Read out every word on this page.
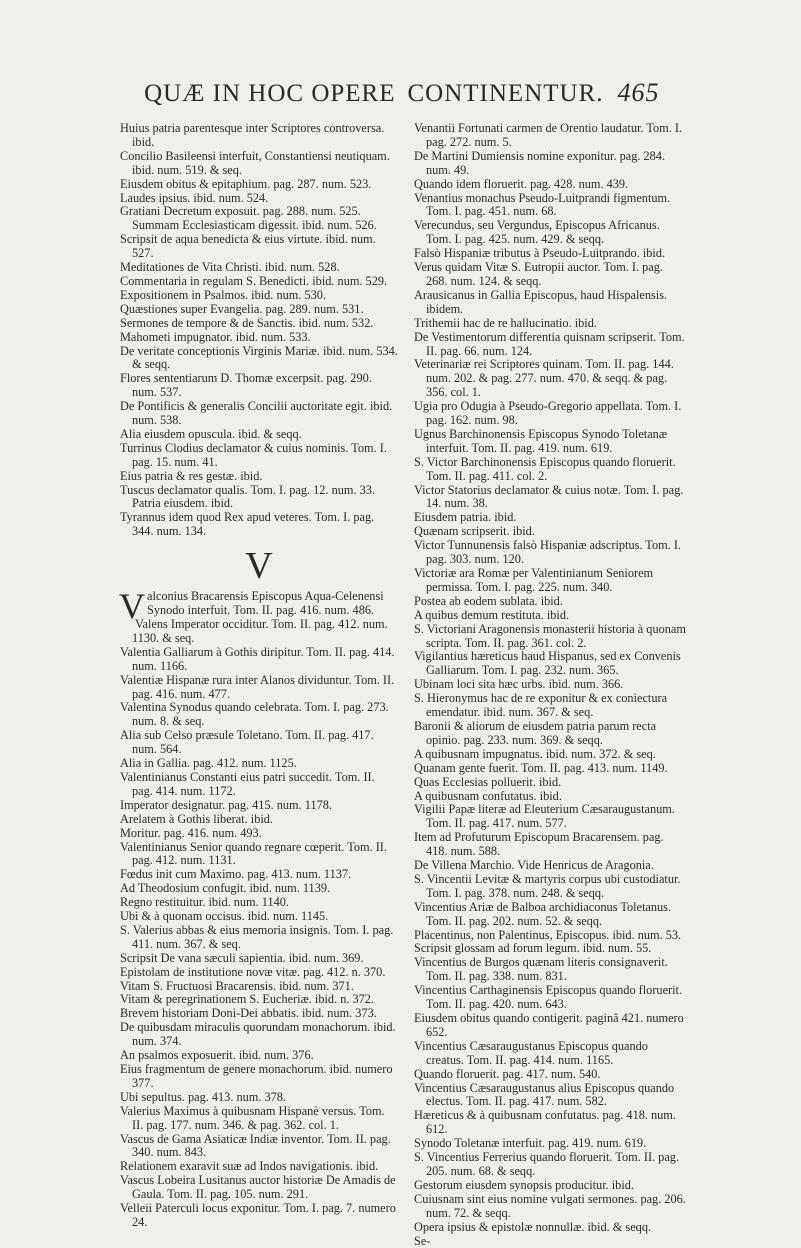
QUÆ IN HOC OPERE CONTINENTUR. 465

Huius patria parentesque inter Scriptores controversa. ibid.

Concilio Basileensi interfuit, Constantiensi neutiquam. ibid. num. 519. & seq.

Eiusdem obitus & epitaphium. pag. 287. num. 523.

Laudes ipsius. ibid. num. 524.

Gratiani Decretum exposuit. pag. 288. num. 525. Summam Ecclesiasticam digessit. ibid. num. 526.

Scripsit de aqua benedicta & eius virtute. ibid. num. 527.

Meditationes de Vita Christi. ibid. num. 528.

Commentaria in regulam S. Benedicti. ibid. num. 529.

Expositionem in Psalmos. ibid. num. 530.

Quæstiones super Evangelia. pag. 289. num. 531.

Sermones de tempore & de Sanctis. ibid. num. 532.

Mahometi impugnator. ibid. num. 533.

De veritate conceptionis Virginis Mariæ. ibid. num. 534. & seqq.

Flores sententiarum D. Thomæ excerpsit. pag. 290. num. 537.

De Pontificis & generalis Concilii auctoritate egit. ibid. num. 538.

Alia eiusdem opuscula. ibid. & seqq.

Turrinus Clodius declamator & cuius nominis. Tom. I. pag. 15. num. 41.

Eius patria & res gestæ. ibid.

Tuscus declamator qualis. Tom. I. pag. 12. num. 33. Patria eiusdem. ibid.

Tyrannus idem quod Rex apud veteres. Tom. I. pag. 344. num. 134.

V

Valconius Bracarensis Episcopus Aqua-Celenensi Synodo interfuit. Tom. II. pag. 416. num. 486.

Valens Imperator occiditur. Tom. II. pag. 412. num. 1130. & seq.

Valentia Galliarum à Gothis diripitur. Tom. II. pag. 414. num. 1166.

Valentiæ Hispanæ rura inter Alanos dividuntur. Tom. II. pag. 416. num. 477.

Valentina Synodus quando celebrata. Tom. I. pag. 273. num. 8. & seq.

Alia sub Celso præsule Toletano. Tom. II. pag. 417. num. 564.

Alia in Gallia. pag. 412. num. 1125.

Valentinianus Constanti eius patri succedit. Tom. II. pag. 414. num. 1172.

Imperator designatur. pag. 415. num. 1178.

Arelatem à Gothis liberat. ibid.

Moritur. pag. 416. num. 493.

Valentinianus Senior quando regnare cœperit. Tom. II. pag. 412. num. 1131.

Fœdus init cum Maximo. pag. 413. num. 1137.

Ad Theodosium confugit. ibid. num. 1139.

Regno restituitur. ibid. num. 1140.

Ubi & à quonam occisus. ibid. num. 1145.

S. Valerius abbas & eius memoria insignis. Tom. I. pag. 411. num. 367. & seq.

Scripsit De vana sæculi sapientia. ibid. num. 369.

Epistolam de institutione novæ vitæ. pag. 412. n. 370.

Vitam S. Fructuosi Bracarensis. ibid. num. 371.

Vitam & peregrinationem S. Eucheriæ. ibid. n. 372.

Brevem historiam Doni-Dei abbatis. ibid. num. 373.

De quibusdam miraculis quorundam monachorum. ibid. num. 374.

An psalmos exposuerit. ibid. num. 376.

Eius fragmentum de genere monachorum. ibid. numero 377.

Ubi sepultus. pag. 413. num. 378.

Valerius Maximus à quibusnam Hispanè versus. Tom. II. pag. 177. num. 346. & pag. 362. col. 1.

Vascus de Gama Asiaticæ Indiæ inventor. Tom. II. pag. 340. num. 843.

Relationem exaravit suæ ad Indos navigationis. ibid.

Vascus Lobeira Lusitanus auctor historiæ De Amadis de Gaula. Tom. II. pag. 105. num. 291.

Velleii Paterculi locus exponitur. Tom. I. pag. 7. numero 24.

Venantii Fortunati carmen de Orentio laudatur. Tom. I. pag. 272. num. 5.

De Martini Dumiensis nomine exponitur. pag. 284. num. 49.

Quando idem floruerit. pag. 428. num. 439.

Venantius monachus Pseudo-Luitprandi figmentum. Tom. I. pag. 451. num. 68.

Verecundus, seu Vergundus, Episcopus Africanus. Tom. I. pag. 425. num. 429. & seqq.

Falsò Hispaniæ tributus à Pseudo-Luitprando. ibid.

Verus quidam Vitæ S. Eutropii auctor. Tom. I. pag. 268. num. 124. & seqq.

Arausicanus in Gallia Episcopus, haud Hispalensis. ibidem.

Trithemii hac de re hallucinatio. ibid.

De Vestimentorum differentia quisnam scripserit. Tom. II. pag. 66. num. 124.

Veterinariæ rei Scriptores quinam. Tom. II. pag. 144. num. 202. & pag. 277. num. 470. & seqq. & pag. 356. col. 1.

Ugia pro Odugia à Pseudo-Gregorio appellata. Tom. I. pag. 162. num. 98.

Ugnus Barchinonensis Episcopus Synodo Toletanæ interfuit. Tom. II. pag. 419. num. 619.

S. Victor Barchinonensis Episcopus quando floruerit. Tom. II. pag. 411. col. 2.

Victor Statorius declamator & cuius notæ. Tom. I. pag. 14. num. 38.

Eiusdem patria. ibid.

Quænam scripserit. ibid.

Victor Tunnunensis falsò Hispaniæ adscriptus. Tom. I. pag. 303. num. 120.

Victoriæ ara Romæ per Valentinianum Seniorem permissa. Tom. I. pag. 225. num. 340.

Postea ab eodem sublata. ibid.

A quibus demum restituta. ibid.

S. Victoriani Aragonensis monasterii historia à quonam scripta. Tom. II. pag. 361. col. 2.

Vigilantius hæreticus haud Hispanus, sed ex Convenis Galliarum. Tom. I. pag. 232. num. 365.

Ubinam loci sita hæc urbs. ibid. num. 366.

S. Hieronymus hac de re exponitur & ex coniectura emendatur. ibid. num. 367. & seq.

Baronii & aliorum de eiusdem patria parum recta opinio. pag. 233. num. 369. & seqq.

A quibusnam impugnatus. ibid. num. 372. & seq.

Quanam gente fuerit. Tom. II. pag. 413. num. 1149.

Quas Ecclesias polluerit. ibid.

A quibusnam confutatus. ibid.

Vigilii Papæ literæ ad Eleuterium Cæsaraugustanum. Tom. II. pag. 417. num. 577.

Item ad Profuturum Episcopum Bracarensem. pag. 418. num. 588.

De Villena Marchio. Vide Henricus de Aragonia.

S. Vincentii Levitæ & martyris corpus ubi custodiatur. Tom. I. pag. 378. num. 248. & seqq.

Vincentius Ariæ de Balboa archidiaconus Toletanus. Tom. II. pag. 202. num. 52. & seqq.

Placentinus, non Palentinus, Episcopus. ibid. num. 53.

Scripsit glossam ad forum legum. ibid. num. 55.

Vincentius de Burgos quænam literis consignaverit. Tom. II. pag. 338. num. 831.

Vincentius Carthaginensis Episcopus quando floruerit. Tom. II. pag. 420. num. 643.

Eiusdem obitus quando contigerit. paginâ 421. numero 652.

Vincentius Cæsaraugustanus Episcopus quando creatus. Tom. II. pag. 414. num. 1165.

Quando floruerit. pag. 417. num. 540.

Vincentius Cæsaraugustanus alius Episcopus quando electus. Tom. II. pag. 417. num. 582.

Hæreticus & à quibusnam confutatus. pag. 418. num. 612.

Synodo Toletanæ interfuit. pag. 419. num. 619.

S. Vincentius Ferrerius quando floruerit. Tom. II. pag. 205. num. 68. & seqq.

Gestorum eiusdem synopsis producitur. ibid.

Cuiusnam sint eius nomine vulgati sermones. pag. 206. num. 72. & seqq.

Opera ipsius & epistolæ nonnullæ. ibid. & seqq.

Se-
